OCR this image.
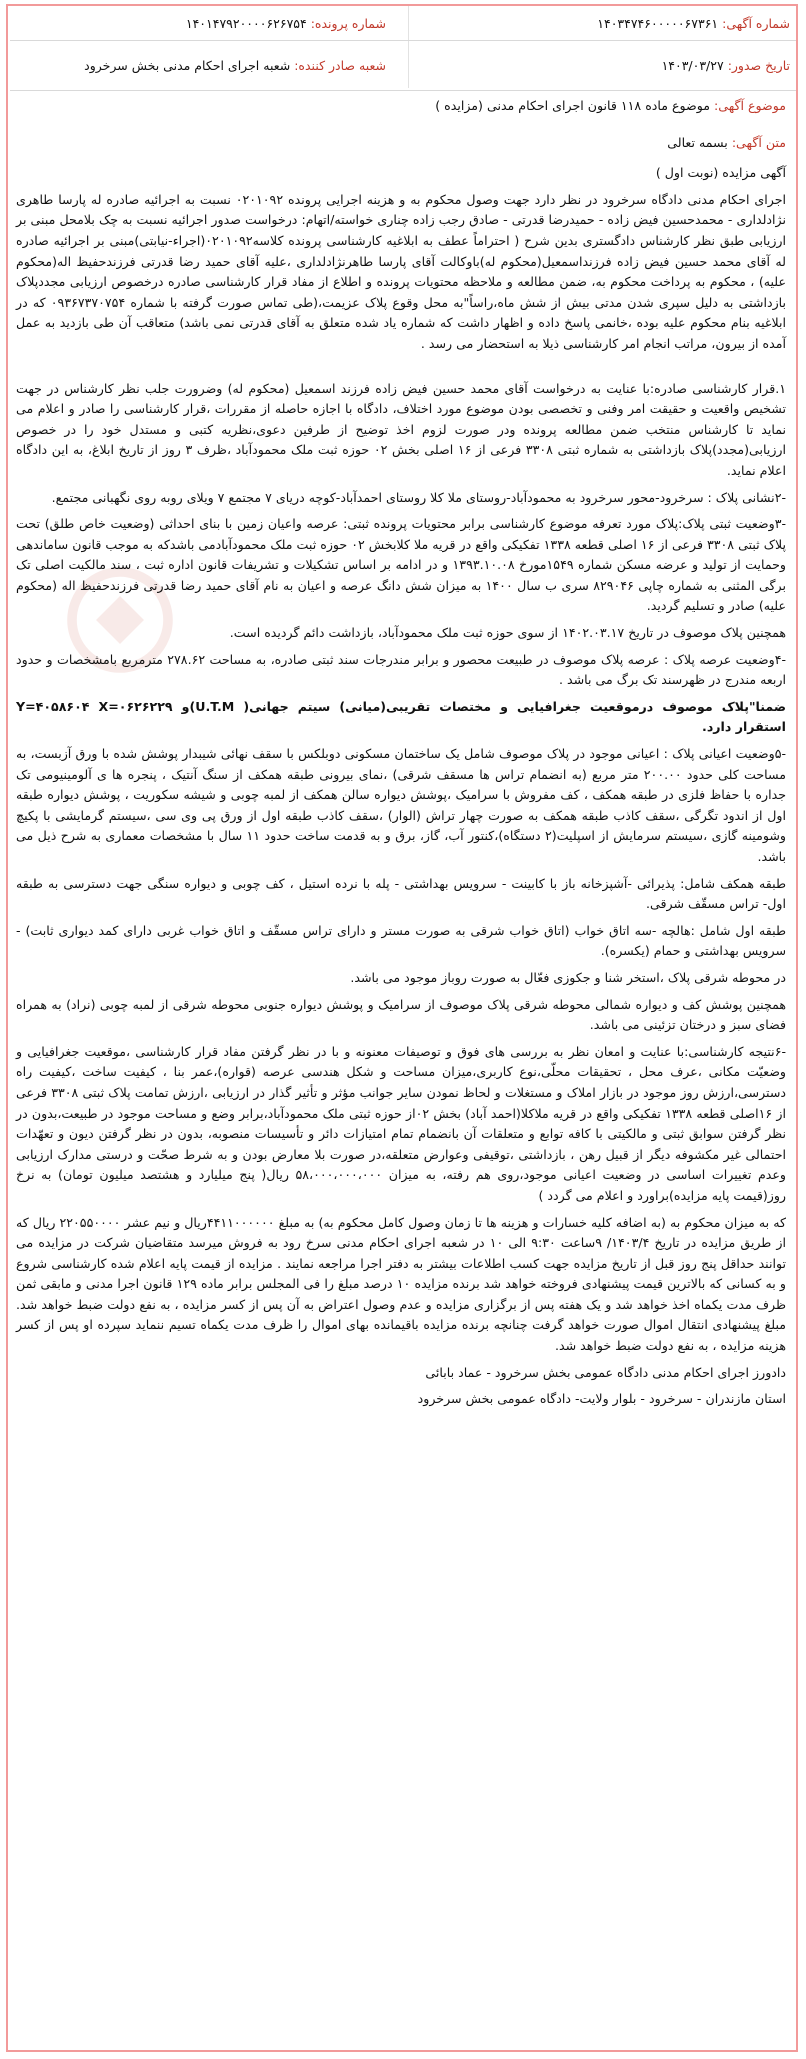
شماره آگهی: ۱۴۰۳۴۷۴۶۰۰۰۰۰۶۷۳۶۱
شماره پرونده: ۱۴۰۱۴۷۹۲۰۰۰۰۶۲۶۷۵۴
تاریخ صدور: ۱۴۰۳/۰۳/۲۷
شعبه صادر کننده: شعبه اجرای احکام مدنی بخش سرخرود

موضوع آگهی: موضوع ماده ۱۱۸ قانون اجرای احکام مدنی (مزایده )

متن آگهی: بسمه تعالی

آگهی مزایده (نوبت اول )

اجرای احکام مدنی دادگاه سرخرود در نظر دارد جهت وصول محکوم به و هزینه اجرایی پرونده ۰۲۰۱۰۹۲ نسبت به اجرائیه صادره له پارسا طاهری نژادلداری - محمدحسین فیض زاده - حمیدرضا قدرتی - صادق رجب زاده چناری خواسته/اتهام: درخواست صدور اجرائیه نسبت به چک بلامحل مبنی بر ارزیابی طبق نظر کارشناس دادگستری بدین شرح ( احتراماً عطف به ابلاغیه کارشناسی پرونده کلاسه۰۲۰۱۰۹۲(اجراء-نیابتی)مبنی بر اجرائیه صادره له آقای محمد حسین فیض زاده فرزنداسمعیل(محکوم له)باوکالت آقای پارسا طاهرنژادلداری ،علیه آقای حمید رضا قدرتی فرزندحفیظ اله(محکوم علیه) ، محکوم به پرداخت محکوم به، ضمن مطالعه و ملاحظه محتویات پرونده و اطلاع از مفاد قرار کارشناسی صادره درخصوص ارزیابی مجددپلاک بازداشتی به دلیل سپری شدن مدتی بیش از شش ماه،راساً"به محل وقوع پلاک عزیمت،(طی تماس صورت گرفته با شماره ۰۹۳۶۷۳۷۰۷۵۴ که در ابلاغیه بنام محکوم علیه بوده ،خانمی پاسخ داده و اظهار داشت که شماره یاد شده متعلق به آقای قدرتی نمی باشد) متعاقب آن طی بازدید به عمل آمده از بیرون، مراتب انجام امر کارشناسی ذیلا به استحضار می رسد .

۱.قرار کارشناسی صادره:با عنایت به درخواست آقای محمد حسین فیض زاده فرزند اسمعیل (محکوم له) وضرورت جلب نظر کارشناس در جهت تشخیص واقعیت و حقیقت امر وفنی و تخصصی بودن موضوع مورد اختلاف، دادگاه با اجازه حاصله از مقررات ،قرار کارشناسی را صادر و اعلام می نماید تا کارشناس منتخب ضمن مطالعه پرونده ودر صورت لزوم اخذ توضیح از طرفین دعوی،نظریه کتبی و مستدل خود را در خصوص ارزیابی(مجدد)پلاک بازداشتی به شماره ثبتی ۳۳۰۸ فرعی از ۱۶ اصلی بخش ۰۲ حوزه ثبت ملک محمودآباد ،ظرف ۳ روز از تاریخ ابلاغ، به این دادگاه اعلام نماید.

-۲نشانی پلاک : سرخرود-محور سرخرود به محمودآباد-روستای ملا کلا روستای احمدآباد-کوچه دریای ۷ مجتمع ۷ ویلای روبه روی نگهبانی مجتمع.

-۳وضعیت ثبتی پلاک:پلاک مورد تعرفه موضوع کارشناسی برابر محتویات پرونده ثبتی: عرصه واعیان زمین با بنای احداثی (وضعیت خاص طلق) تحت پلاک ثبتی ۳۳۰۸ فرعی از ۱۶ اصلی قطعه ۱۳۳۸ تفکیکی واقع در قریه ملا کلابخش ۰۲ حوزه ثبت ملک محمودآبادمی باشدکه به موجب قانون ساماندهی وحمایت از تولید و عرضه مسکن شماره ۱۵۴۹مورخ ۱۳۹۳.۱۰.۰۸ و در ادامه بر اساس تشکیلات و تشریفات قانون اداره ثبت ، سند مالکیت اصلی تک برگی المثنی به شماره چاپی ۸۲۹۰۴۶ سری ب سال ۱۴۰۰ به میزان شش دانگ عرصه و اعیان به نام آقای حمید رضا قدرتی فرزندحفیظ اله (محکوم علیه) صادر و تسلیم گردید.

همچنین پلاک موصوف در تاریخ ۱۴۰۲.۰۳.۱۷ از سوی حوزه ثبت ملک محمودآباد، بازداشت دائم گردیده است.

-۴وضعیت عرصه پلاک : عرصه پلاک موصوف در طبیعت محصور و برابر مندرجات سند ثبتی صادره، به مساحت ۲۷۸.۶۲ مترمربع بامشخصات و حدود اربعه مندرج در ظهرسند تک برگ می باشد .

ضمنا"پلاک موصوف درموقعیت جغرافیایی و مختصات تقریبی(میانی) سیتم جهانی( U.T.M)و Y=۴۰۵۸۶۰۴ X=۰۶۲۶۲۲۹ استقرار دارد.

-۵وضعیت اعیانی پلاک : اعیانی موجود در پلاک موصوف شامل یک ساختمان مسکونی دوبلکس با سقف نهائی شیبدار پوشش شده با ورق آزبست، به مساحت کلی حدود ۲۰۰.۰۰ متر مربع (به انضمام تراس ها مسقف شرقی) ،نمای بیرونی طبقه همکف از سنگ آنتیک ، پنجره ها ی آلومینیومی تک جداره با حفاظ فلزی در طبقه همکف ، کف مفروش با سرامیک ،پوشش دیواره سالن همکف از لمبه چوبی و شیشه سکوریت ، پوشش دیواره طبقه اول از اندود تگرگی ،سقف کاذب طبقه همکف به صورت چهار تراش (الوار) ،سقف کاذب طبقه اول از ورق پی وی سی ،سیستم گرمایشی با پکیچ وشومینه گازی ،سیستم سرمایش از اسپلیت(۲ دستگاه)،کنتور آب، گاز، برق و به قدمت ساخت حدود ۱۱ سال با مشخصات معماری به شرح ذیل می باشد.

طبقه همکف شامل: پذیرائی -آشپزخانه باز با کابینت - سرویس بهداشتی - پله با نرده استیل ، کف چوبی و دیواره سنگی جهت دسترسی به طبقه اول- تراس مسقّف شرقی.

طبقه اول شامل :هالچه -سه اتاق خواب (اتاق خواب شرقی به صورت مستر و دارای تراس مسقّف و اتاق خواب غربی دارای کمد دیواری ثابت) - سرویس بهداشتی و حمام (یکسره).

در محوطه شرقی پلاک ،استخر شنا و جکوزی فعّال به صورت روباز موجود می باشد.

همچنین پوشش کف و دیواره شمالی محوطه شرقی پلاک موصوف از سرامیک و پوشش دیواره جنوبی محوطه شرقی از لمبه چوبی (نراد) به همراه فضای سبز و درختان تزئینی می باشد.

-۶نتیجه کارشناسی:با عنایت و امعان نظر به بررسی های فوق و توصیفات معنونه و با در نظر گرفتن مفاد قرار کارشناسی ،موقعیت جغرافیایی و وضعیّت مکانی ،عرف محل ، تحقیقات محلّی،نوع کاربری،میزان مساحت و شکل هندسی عرصه (قواره)،عمر بنا ، کیفیت ساخت ،کیفیت راه دسترسی،ارزش روز موجود در بازار املاک و مستغلات و لحاظ نمودن سایر جوانب مؤثر و تأثیر گذار در ارزیابی ،ارزش تمامت پلاک ثبتی ۳۳۰۸ فرعی از ۱۶اصلی قطعه ۱۳۳۸ تفکیکی واقع در قریه ملاکلا(احمد آباد) بخش ۰۲از حوزه ثبتی ملک محمودآباد،برابر وضع و مساحت موجود در طبیعت،بدون در نظر گرفتن سوابق ثبتی و مالکیتی با کافه توابع و متعلقات آن بانضمام تمام امتیازات دائر و تأسیسات منصوبه، بدون در نظر گرفتن دیون و تعهّدات احتمالی غیر مکشوفه دیگر از قبیل رهن ، بازداشتی ،توقیفی وعوارض متعلقه،در صورت بلا معارض بودن و به شرط صحّت و درستی مدارک ارزیابی وعدم تغییرات اساسی در وضعیت اعیانی موجود،روی هم رفته، به میزان ۵۸،۰۰۰،۰۰۰،۰۰۰ ریال( پنج میلیارد و هشتصد میلیون تومان) به نرخ روز(قیمت پایه مزایده)براورد و اعلام می گردد )

که به میزان محکوم به (به اضافه کلیه خسارات و هزینه ها تا زمان وصول کامل محکوم به) به مبلغ ۴۴۱۱۰۰۰۰۰۰ریال و نیم عشر ۲۲۰۵۵۰۰۰۰ ریال که از طریق مزایده در تاریخ ۱۴۰۳/۴/ ۹ساعت ۹:۳۰ الی ۱۰ در شعبه اجرای احکام مدنی سرخ رود به فروش میرسد متقاضیان شرکت در مزایده می توانند حداقل پنج روز قبل از تاریخ مزایده جهت کسب اطلاعات بیشتر به دفتر اجرا مراجعه نمایند . مزایده از قیمت پایه اعلام شده کارشناسی شروع و به کسانی که بالاترین قیمت پیشنهادی فروخته خواهد شد برنده مزایده ۱۰ درصد مبلغ را فی المجلس برابر ماده ۱۲۹ قانون اجرا مدنی و مابقی ثمن ظرف مدت یکماه اخذ خواهد شد و یک هفته پس از برگزاری مزایده و عدم وصول اعتراض به آن پس از کسر مزایده ، به نفع دولت ضبط خواهد شد. مبلغ پیشنهادی انتقال اموال صورت خواهد گرفت چنانچه برنده مزایده باقیمانده بهای اموال را ظرف مدت یکماه تسیم ننماید سپرده او پس از کسر هزینه مزایده ، به نفع دولت ضبط خواهد شد.

دادورز اجرای احکام مدنی دادگاه عمومی بخش سرخرود - عماد بابائی

استان مازندران - سرخرود - بلوار ولایت- دادگاه عمومی بخش سرخرود
